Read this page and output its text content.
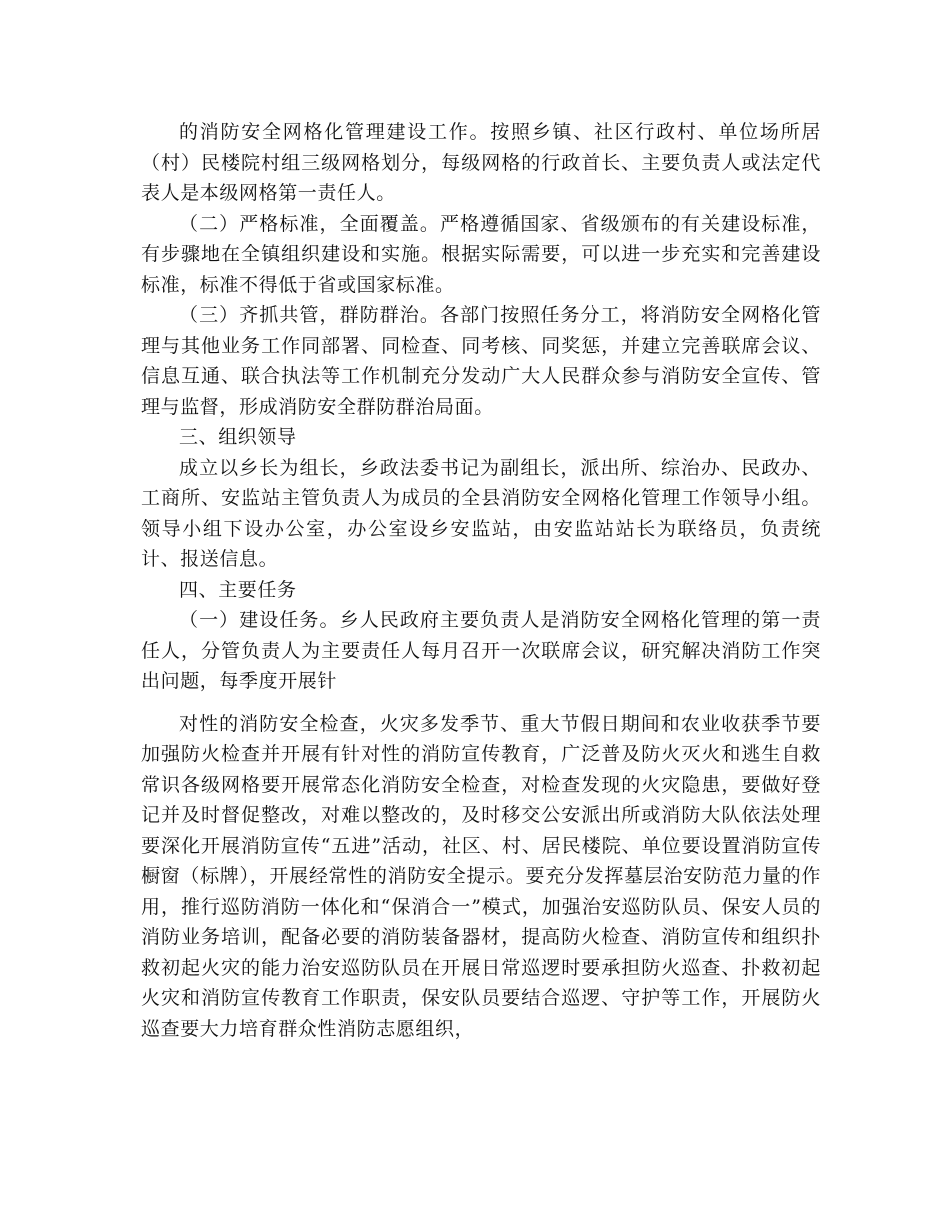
的消防安全网格化管理建设工作。按照乡镇、社区行政村、单位场所居（村）民楼院村组三级网格划分，每级网格的行政首长、主要负责人或法定代表人是本级网格第一责任人。

（二）严格标准，全面覆盖。严格遵循国家、省级颁布的有关建设标准，有步骤地在全镇组织建设和实施。根据实际需要，可以进一步充实和完善建设标准，标准不得低于省或国家标准。

（三）齐抓共管，群防群治。各部门按照任务分工，将消防安全网格化管理与其他业务工作同部署、同检查、同考核、同奖惩，并建立完善联席会议、信息互通、联合执法等工作机制充分发动广大人民群众参与消防安全宣传、管理与监督，形成消防安全群防群治局面。

三、组织领导

成立以乡长为组长，乡政法委书记为副组长，派出所、综治办、民政办、工商所、安监站主管负责人为成员的全县消防安全网格化管理工作领导小组。领导小组下设办公室，办公室设乡安监站，由安监站站长为联络员，负责统计、报送信息。

四、主要任务

（一）建设任务。乡人民政府主要负责人是消防安全网格化管理的第一责任人，分管负责人为主要责任人每月召开一次联席会议，研究解决消防工作突出问题，每季度开展针

对性的消防安全检查，火灾多发季节、重大节假日期间和农业收获季节要加强防火检查并开展有针对性的消防宣传教育，广泛普及防火灭火和逃生自救常识各级网格要开展常态化消防安全检查，对检查发现的火灾隐患，要做好登记并及时督促整改，对难以整改的，及时移交公安派出所或消防大队依法处理要深化开展消防宣传“五进”活动，社区、村、居民楼院、单位要设置消防宣传橱窗（标牌），开展经常性的消防安全提示。要充分发挥墓层治安防范力量的作用，推行巡防消防一体化和“保消合一”模式，加强治安巡防队员、保安人员的消防业务培训，配备必要的消防装备器材，提高防火检查、消防宣传和组织扑救初起火灾的能力治安巡防队员在开展日常巡逻时要承担防火巡查、扑救初起火灾和消防宣传教育工作职责，保安队员要结合巡逻、守护等工作，开展防火巡查要大力培育群众性消防志愿组织，
